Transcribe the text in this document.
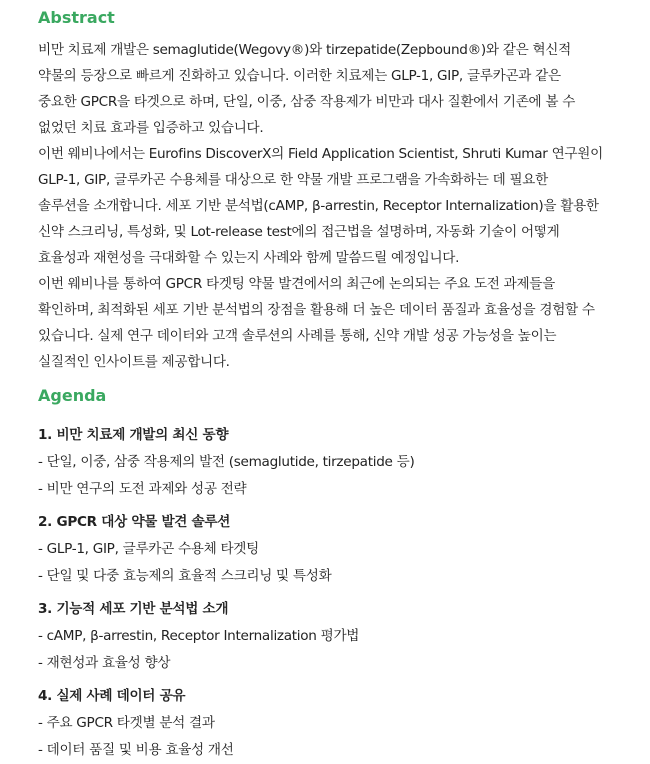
Abstract

비만 치료제 개발은 semaglutide(Wegovy®)와 tirzepatide(Zepbound®)와 같은 혁신적

약물의 등장으로 빠르게 진화하고 있습니다. 이러한 치료제는 GLP-1, GIP, 글루카곤과 같은

중요한 GPCR을 타겟으로 하며, 단일, 이중, 삼중 작용제가 비만과 대사 질환에서 기존에 볼 수

없었던 치료 효과를 입증하고 있습니다.

이번 웨비나에서는 Eurofins DiscoverX의 Field Application Scientist, Shruti Kumar 연구원이

GLP-1, GIP, 글루카곤 수용체를 대상으로 한 약물 개발 프로그램을 가속화하는 데 필요한

솔루션을 소개합니다. 세포 기반 분석법(cAMP, β-arrestin, Receptor Internalization)을 활용한

신약 스크리닝, 특성화, 및 Lot-release test에의 접근법을 설명하며, 자동화 기술이 어떻게

효율성과 재현성을 극대화할 수 있는지 사례와 함께 말씀드릴 예정입니다.

이번 웨비나를 통하여 GPCR 타겟팅 약물 발견에서의 최근에 논의되는 주요 도전 과제들을

확인하며, 최적화된 세포 기반 분석법의 장점을 활용해 더 높은 데이터 품질과 효율성을 경험할 수

있습니다. 실제 연구 데이터와 고객 솔루션의 사례를 통해, 신약 개발 성공 가능성을 높이는

실질적인 인사이트를 제공합니다.

Agenda

1. 비만 치료제 개발의 최신 동향

- 단일, 이중, 삼중 작용제의 발전 (semaglutide, tirzepatide 등)

- 비만 연구의 도전 과제와 성공 전략

2. GPCR 대상 약물 발견 솔루션

- GLP-1, GIP, 글루카곤 수용체 타겟팅

- 단일 및 다중 효능제의 효율적 스크리닝 및 특성화

3. 기능적 세포 기반 분석법 소개

- cAMP, β-arrestin, Receptor Internalization 평가법

- 재현성과 효율성 향상

4. 실제 사례 데이터 공유

- 주요 GPCR 타겟별 분석 결과

- 데이터 품질 및 비용 효율성 개선
